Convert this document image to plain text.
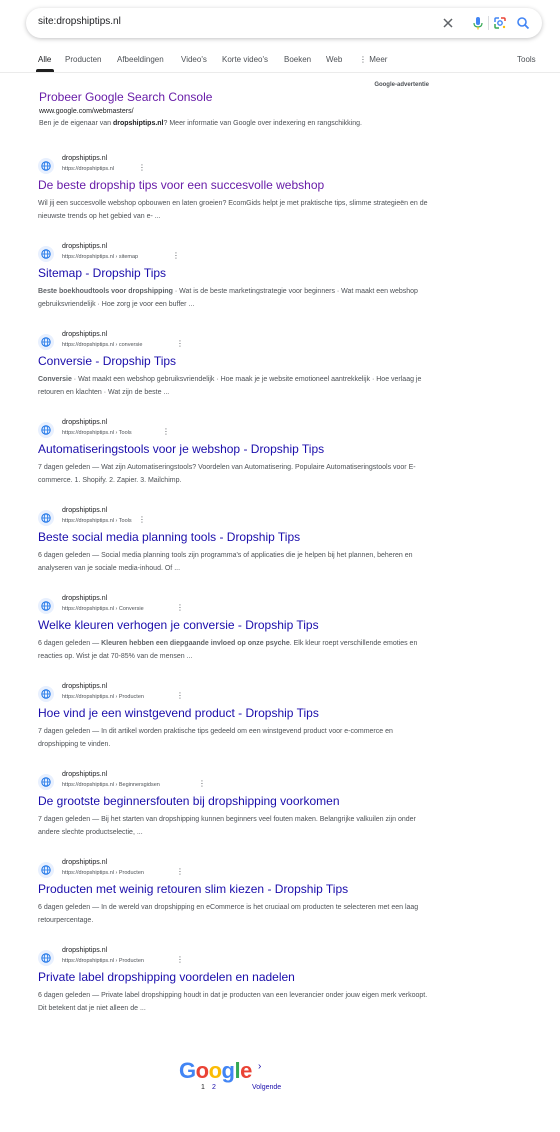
site:dropshiptips.nl
Alle Producten Afbeeldingen Video's Korte video's Boeken Web ⋮ Meer	Tools
Google-advertentie
Probeer Google Search Console
www.google.com/webmasters/
Ben je de eigenaar van dropshiptips.nl? Meer informatie van Google over indexering en rangschikking.
dropshiptips.nl
https://dropshiptips.nl	⋮
De beste dropship tips voor een succesvolle webshop
Wil jij een succesvolle webshop opbouwen en laten groeien? EcomGids helpt je met praktische tips, slimme strategieën en de nieuwste trends op het gebied van e- ...
dropshiptips.nl
https://dropshiptips.nl › sitemap	⋮
Sitemap - Dropship Tips
Beste boekhoudtools voor dropshipping · Wat is de beste marketingstrategie voor beginners · Wat maakt een webshop gebruiksvriendelijk · Hoe zorg je voor een buffer ...
dropshiptips.nl
https://dropshiptips.nl › conversie	⋮
Conversie - Dropship Tips
Conversie · Wat maakt een webshop gebruiksvriendelijk · Hoe maak je je website emotioneel aantrekkelijk · Hoe verlaag je retouren en klachten · Wat zijn de beste ...
dropshiptips.nl
https://dropshiptips.nl › Tools	⋮
Automatiseringstools voor je webshop - Dropship Tips
7 dagen geleden — Wat zijn Automatiseringstools? Voordelen van Automatisering. Populaire Automatiseringstools voor E-commerce. 1. Shopify. 2. Zapier. 3. Mailchimp.
dropshiptips.nl
https://dropshiptips.nl › Tools ⋮
Beste social media planning tools - Dropship Tips
6 dagen geleden — Social media planning tools zijn programma's of applicaties die je helpen bij het plannen, beheren en analyseren van je sociale media-inhoud. Of ...
dropshiptips.nl
https://dropshiptips.nl › Conversie	⋮
Welke kleuren verhogen je conversie - Dropship Tips
6 dagen geleden — Kleuren hebben een diepgaande invloed op onze psyche. Elk kleur roept verschillende emoties en reacties op. Wist je dat 70-85% van de mensen ...
dropshiptips.nl
https://dropshiptips.nl › Producten	⋮
Hoe vind je een winstgevend product - Dropship Tips
7 dagen geleden — In dit artikel worden praktische tips gedeeld om een winstgevend product voor e-commerce en dropshipping te vinden.
dropshiptips.nl
https://dropshiptips.nl › Beginnersgidsen	⋮
De grootste beginnersfouten bij dropshipping voorkomen
7 dagen geleden — Bij het starten van dropshipping kunnen beginners veel fouten maken. Belangrijke valkuilen zijn onder andere slechte productselectie, ...
dropshiptips.nl
https://dropshiptips.nl › Producten	⋮
Producten met weinig retouren slim kiezen - Dropship Tips
6 dagen geleden — In de wereld van dropshipping en eCommerce is het cruciaal om producten te selecteren met een laag retourpercentage.
dropshiptips.nl
https://dropshiptips.nl › Producten	⋮
Private label dropshipping voordelen en nadelen
6 dagen geleden — Private label dropshipping houdt in dat je producten van een leverancier onder jouw eigen merk verkoopt. Dit betekent dat je niet alleen de ...
Google ›
1 2	Volgende
